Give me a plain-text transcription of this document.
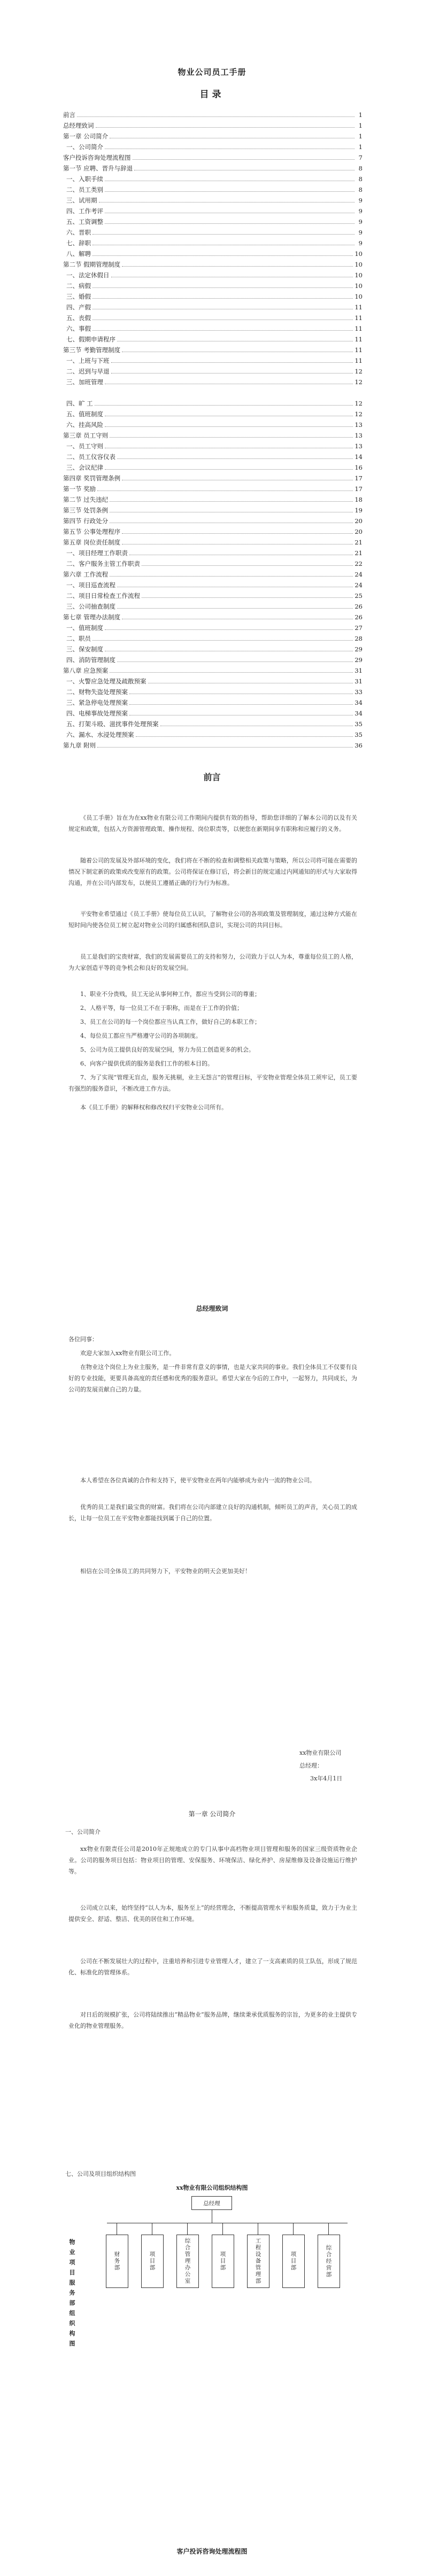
物业公司员工手册
目录
前言	1
总经理致词	1
第一章 公司简介	1
一、公司简介	1
客户投诉咨询处理流程图	7
第一节 应聘、晋升与辞退	8
一、入职手续	8
二、员工类别	8
三、试用期	9
四、工作考评	9
五、工资调整	9
六、晋职	9
七、辞职	9
八、解聘	10
第二节 假期管理制度	10
一、法定休假日	10
二、病假	10
三、婚假	10
四、产假	11
五、丧假	11
六、事假	11
七、假期申请程序	11
第三节 考勤管理制度	11
一、上班与下班	11
二、迟到与早退	12
三、加班管理	12
四、旷 工	12
五、值班制度	12
六、挂高风险	13
第三章 员工守则	13
一、员工守则	13
二、员工仪容仪表	14
三、会议纪律	16
第四章 奖罚管理条例	17
第一节 奖励	17
第二节 过失违纪	18
第三节 处罚条例	19
第四节 行政处分	20
第五节 公事处理程序	20
第五章 岗位责任制度	21
一、项目经理工作职责	21
二、客户服务主管工作职责	22
第六章 工作流程	24
一、项目巡查流程	24
二、项目日常检查工作流程	25
三、公司抽查制度	26
第七章 管理办法制度	26
一、值班制度	27
二、职员	28
三、保安制度	29
四、消防管理制度	29
第八章 应急预案	31
一、火警应急处理及疏散预案	31
二、财物失盗处理预案	33
三、紧急停电处理预案	34
四、电梯事故处理预案	34
五、打架斗殴、滋扰事件处理预案	35
六、漏水、水浸处理预案	35
第九章 附则	36
前言
《员工手册》旨在为在xx物业有限公司工作期间内提供有效的指导，帮助您详细的了解本公司的以及有关规定和政策，包括入方资源管理政策、操作规程、岗位职责等，以便您在新期间享有职称和应履行的义务。
随着公司的发展及外部环境的变化，我们将在不断的检查和调整相关政策与策略，所以公司将可能在需要的情况下制定新的政策或改变原有的政策。公司将保证在修订后，将会新目的规定通过内网通知的形式与大家取得沟通，并在公司内部发布，以便员工遵循正确的行为行为标准。
平安物业希望通过《员工手册》使每位员工认识，了解物业公司的各项政策及管理制度，通过这种方式能在短时间内使各位员工树立起对物业公司的归属感和团队意识，实现公司的共同目标。
员工是我们的宝贵财富，我们的发展需要员工的支持和努力，公司致力于以人为本，尊重每位员工的人格，为大家创造平等的竞争机会和良好的发展空间。
1、职业不分贵贱，员工无论从事何种工作，都应当受到公司的尊重；
2、人格平等，每一位员工不在于职称，而是在于工作的价值；
3、员工在公司的每一个岗位都应当认真工作，做好自己的本职工作；
4、每位员工都应当严格遵守公司的各项制度。
5、公司为员工提供良好的发展空间，努力为员工创造更多的机会。
6、向客户提供优质的服务是我们工作的根本目的。
7、为了实现“管理无盲点，服务无挑剔，业主无怨言”的管理目标，平安物业管理全体员工须牢记，员工要有强烈的服务意识，不断改进工作方法。
本《员工手册》的解释权和修改权归平安物业公司所有。
总经理致词
各位同事：
欢迎大家加入xx物业有限公司工作。
在物业这个岗位上为业主服务，是一件非常有意义的事情，也是大家共同的事业。我们全体员工不仅要有良好的专业技能，更要具备高度的责任感和优秀的服务意识。希望大家在今后的工作中，一起努力，共同成长，为公司的发展贡献自己的力量。
本人希望在各位真诚的合作和支持下，使平安物业在两年内能够成为业内一流的物业公司。
优秀的员工是我们最宝贵的财富。我们将在公司内部建立良好的沟通机制，倾听员工的声音，关心员工的成长，让每一位员工在平安物业都能找到属于自己的位置。
相信在公司全体员工的共同努力下，平安物业的明天会更加美好！
xx物业有限公司
总经理：
3x年4月1日
第一章 公司简介
一、公司简介
xx物业有限责任公司是2010年正规地成立的专门从事中高档物业项目管理和服务的国家三级资质物业企业。公司的服务项目包括：物业项目的管理、安保服务、环境保洁、绿化养护、房屋维修及设备设施运行维护等。
公司成立以来，始终坚持“以人为本，服务至上”的经营理念，不断提高管理水平和服务质量，致力于为业主提供安全、舒适、整洁、优美的居住和工作环境。
公司在不断发展壮大的过程中，注重培养和引进专业管理人才，建立了一支高素质的员工队伍，形成了规范化、标准化的管理体系。
对日后的规模扩张，公司将陆续推出“精品物业”服务品牌，继续秉承优质服务的宗旨，为更多的业主提供专业化的物业管理服务。
七、公司及项目组织结构图
xx物业有限公司组织结构图
总经理
物业项目服务部组织构图	财务部	项目部	综合管理办公室	项目部	工程设备管理部	项目部	综合经营部
客户投诉咨询处理流程图
